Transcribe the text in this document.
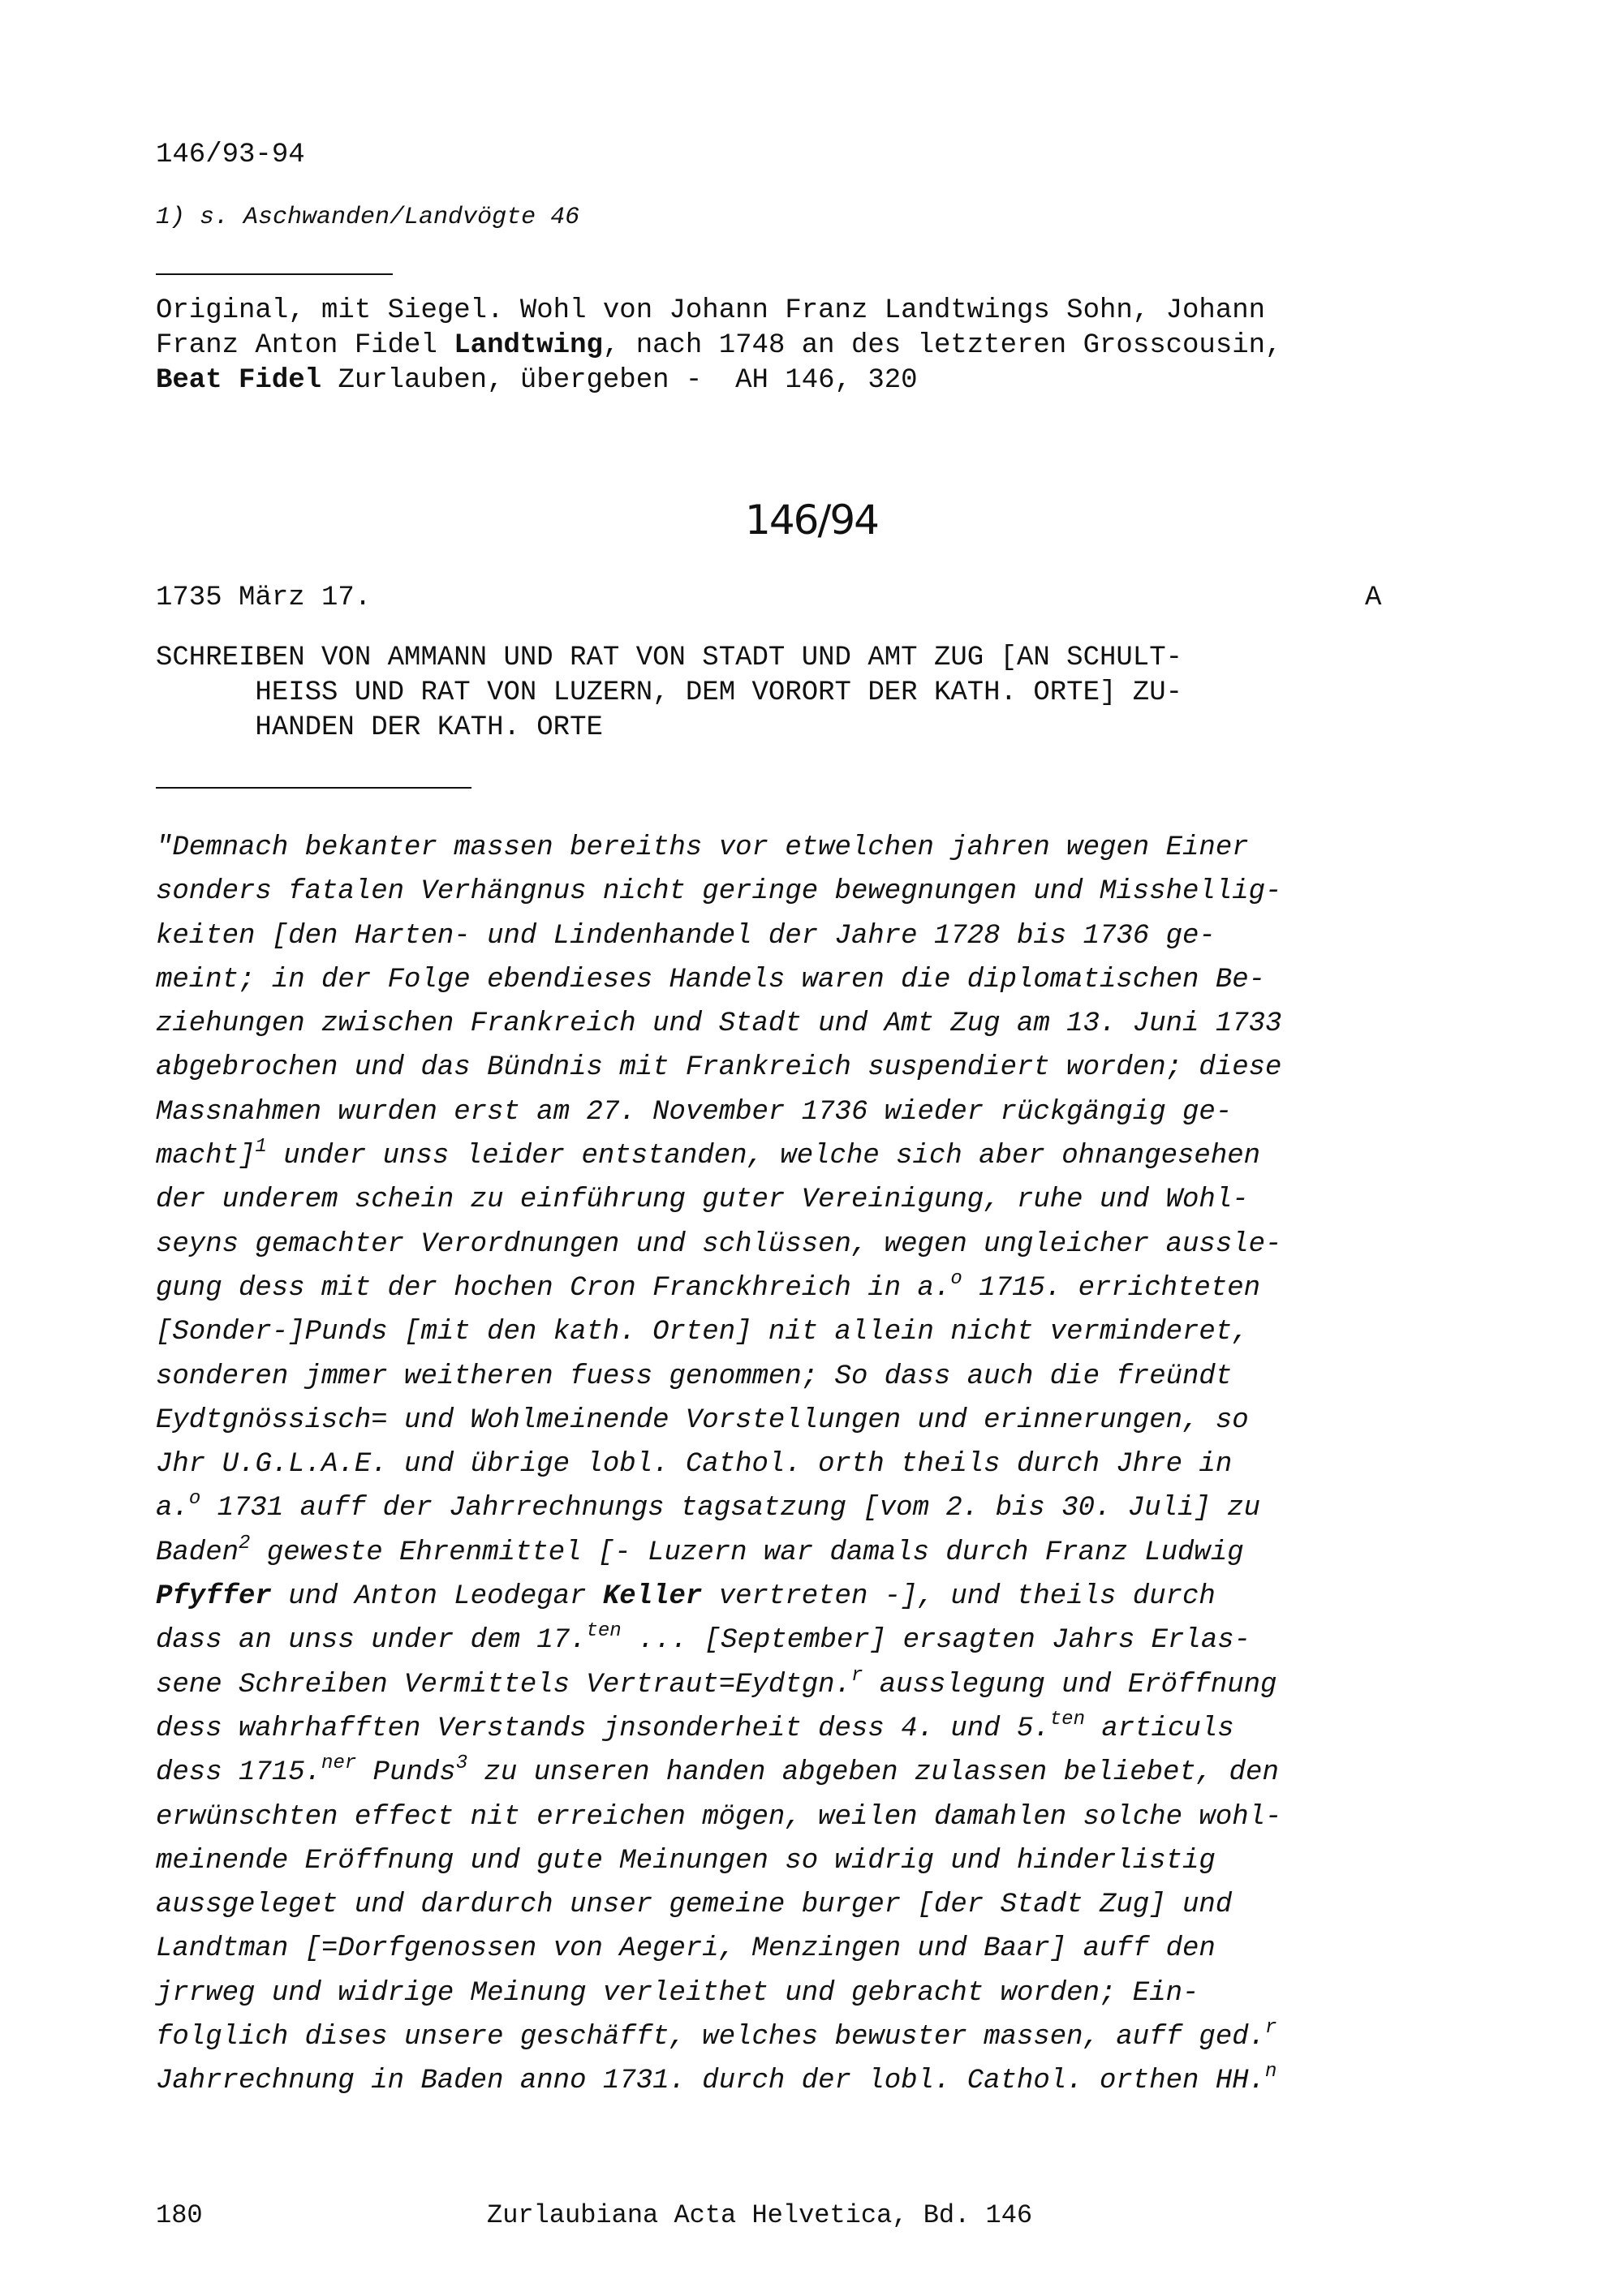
146/93-94
1) s. Aschwanden/Landvögte 46
Original, mit Siegel. Wohl von Johann Franz Landtwings Sohn, Johann
Franz Anton Fidel Landtwing, nach 1748 an des letzteren Grosscousin,
Beat Fidel Zurlauben, übergeben -  AH 146, 320
146/94
1735 März 17.	A
SCHREIBEN VON AMMANN UND RAT VON STADT UND AMT ZUG [AN SCHULT-
HEISS UND RAT VON LUZERN, DEM VORORT DER KATH. ORTE] ZU-
HANDEN DER KATH. ORTE
"Demnach bekanter massen bereiths vor etwelchen jahren wegen Einer
sonders fatalen Verhängnus nicht geringe bewegnungen und Misshellig-
keiten [den Harten- und Lindenhandel der Jahre 1728 bis 1736 ge-
meint; in der Folge ebendieses Handels waren die diplomatischen Be-
ziehungen zwischen Frankreich und Stadt und Amt Zug am 13. Juni 1733
abgebrochen und das Bündnis mit Frankreich suspendiert worden; diese
Massnahmen wurden erst am 27. November 1736 wieder rückgängig ge-
macht]$^1$ under unss leider entstanden, welche sich aber ohnangesehen
der underem schein zu einführung guter Vereinigung, ruhe und Wohl-
seyns gemachter Verordnungen und schlüssen, wegen ungleicher aussle-
gung dess mit der hochen Cron Franckhreich in a.$^o$ 1715. errichteten
[Sonder-]Punds [mit den kath. Orten] nit allein nicht verminderet,
sonderen jmmer weitheren fuess genommen; So dass auch die freündt
Eydtgnössisch= und Wohlmeinende Vorstellungen und erinnerungen, so
Jhr U.G.L.A.E. und übrige lobl. Cathol. orth theils durch Jhre in
a.$^o$ 1731 auff der Jahrrechnungs tagsatzung [vom 2. bis 30. Juli] zu
Baden$^2$ geweste Ehrenmittel [- Luzern war damals durch Franz Ludwig
Pfyffer und Anton Leodegar Keller vertreten -], und theils durch
dass an unss under dem 17.$^{ten}$ ... [September] ersagten Jahrs Erlas-
sene Schreiben Vermittels Vertraut=Eydtgn.$^r$ ausslegung und Eröffnung
dess wahrhafften Verstands jnsonderheit dess 4. und 5.$^{ten}$ articuls
dess 1715.$^{ner}$ Punds$^3$ zu unseren handen abgeben zulassen beliebet, den
erwünschten effect nit erreichen mögen, weilen damahlen solche wohl-
meinende Eröffnung und gute Meinungen so widrig und hinderlistig
aussgeleget und dardurch unser gemeine burger [der Stadt Zug] und
Landtman [=Dorfgenossen von Aegeri, Menzingen und Baar] auff den
jrrweg und widrige Meinung verleithet und gebracht worden; Ein-
folglich dises unsere geschäfft, welches bewuster massen, auff ged.$^r$
Jahrrechnung in Baden anno 1731. durch der lobl. Cathol. orthen HH.$^n$
180	Zurlaubiana Acta Helvetica, Bd. 146
